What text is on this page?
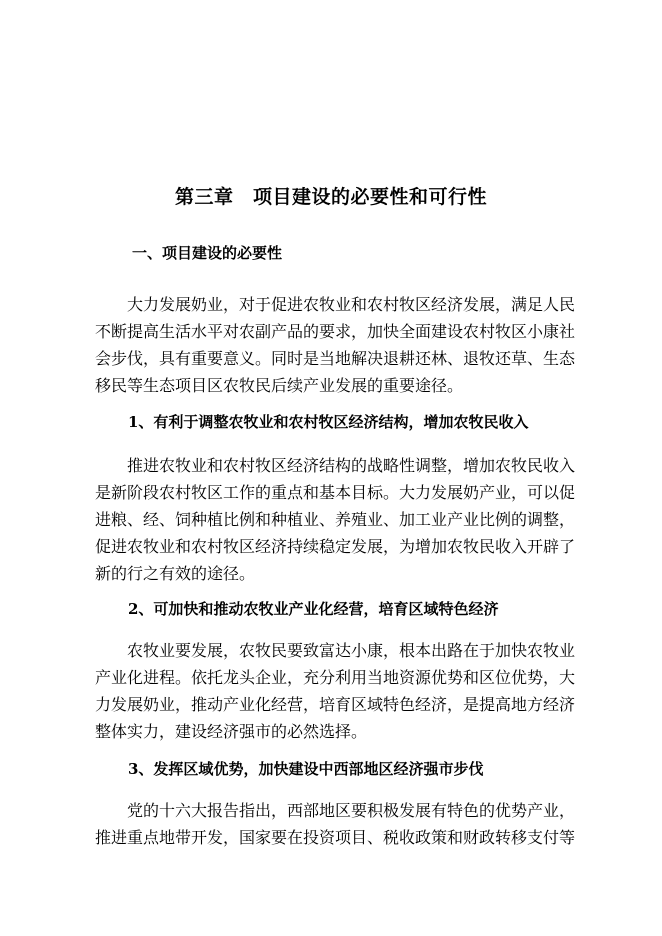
第三章　项目建设的必要性和可行性
一、项目建设的必要性

大力发展奶业，对于促进农牧业和农村牧区经济发展，满足人民不断提高生活水平对农副产品的要求，加快全面建设农村牧区小康社会步伐，具有重要意义。同时是当地解决退耕还林、退牧还草、生态移民等生态项目区农牧民后续产业发展的重要途径。

1、有利于调整农牧业和农村牧区经济结构，增加农牧民收入

推进农牧业和农村牧区经济结构的战略性调整，增加农牧民收入是新阶段农村牧区工作的重点和基本目标。大力发展奶产业，可以促进粮、经、饲种植比例和种植业、养殖业、加工业产业比例的调整，促进农牧业和农村牧区经济持续稳定发展，为增加农牧民收入开辟了新的行之有效的途径。

2、可加快和推动农牧业产业化经营，培育区域特色经济

农牧业要发展，农牧民要致富达小康，根本出路在于加快农牧业产业化进程。依托龙头企业，充分利用当地资源优势和区位优势，大力发展奶业，推动产业化经营，培育区域特色经济，是提高地方经济整体实力，建设经济强市的必然选择。

3、发挥区域优势，加快建设中西部地区经济强市步伐

党的十六大报告指出，西部地区要积极发展有特色的优势产业，推进重点地带开发，国家要在投资项目、税收政策和财政转移支付等
